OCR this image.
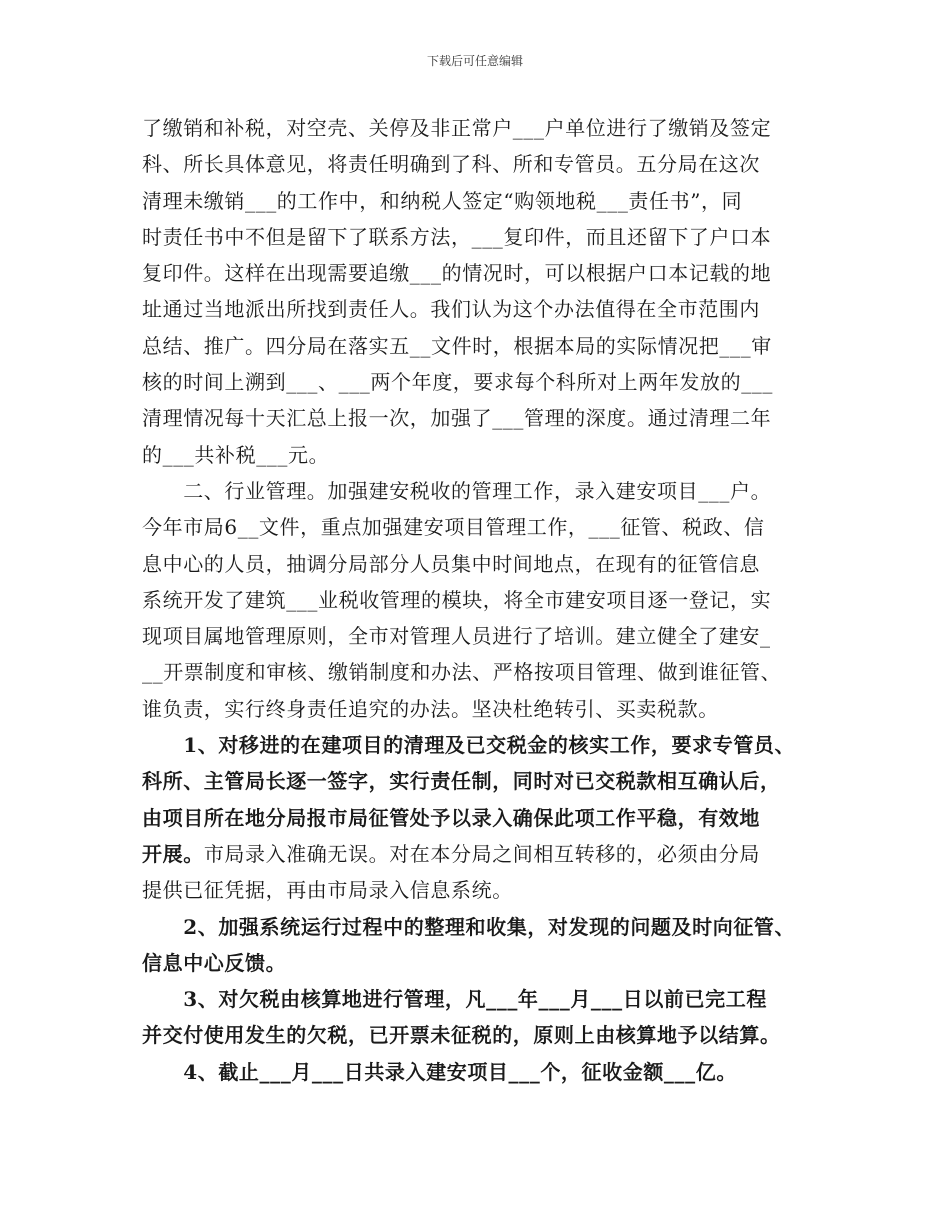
下载后可任意编辑
了缴销和补税，对空壳、关停及非正常户___户单位进行了缴销及签定
科、所长具体意见，将责任明确到了科、所和专管员。五分局在这次
清理未缴销___的工作中，和纳税人签定“购领地税___责任书”，同
时责任书中不但是留下了联系方法，___复印件，而且还留下了户口本
复印件。这样在出现需要追缴___的情况时，可以根据户口本记载的地
址通过当地派出所找到责任人。我们认为这个办法值得在全市范围内
总结、推广。四分局在落实五__文件时，根据本局的实际情况把___审
核的时间上溯到___、___两个年度，要求每个科所对上两年发放的___
清理情况每十天汇总上报一次，加强了___管理的深度。通过清理二年
的___共补税___元。
　　二、行业管理。加强建安税收的管理工作，录入建安项目___户。
今年市局6__文件，重点加强建安项目管理工作，___征管、税政、信
息中心的人员，抽调分局部分人员集中时间地点，在现有的征管信息
系统开发了建筑___业税收管理的模块，将全市建安项目逐一登记，实
现项目属地管理原则，全市对管理人员进行了培训。建立健全了建安_
__开票制度和审核、缴销制度和办法、严格按项目管理、做到谁征管、
谁负责，实行终身责任追究的办法。坚决杜绝转引、买卖税款。
　　1、对移进的在建项目的清理及已交税金的核实工作，要求专管员、
科所、主管局长逐一签字，实行责任制，同时对已交税款相互确认后，
由项目所在地分局报市局征管处予以录入确保此项工作平稳，有效地
开展。市局录入准确无误。对在本分局之间相互转移的，必须由分局
提供已征凭据，再由市局录入信息系统。
　　2、加强系统运行过程中的整理和收集，对发现的问题及时向征管、
信息中心反馈。
　　3、对欠税由核算地进行管理，凡___年___月___日以前已完工程
并交付使用发生的欠税，已开票未征税的，原则上由核算地予以结算。
　　4、截止___月___日共录入建安项目___个，征收金额___亿。
